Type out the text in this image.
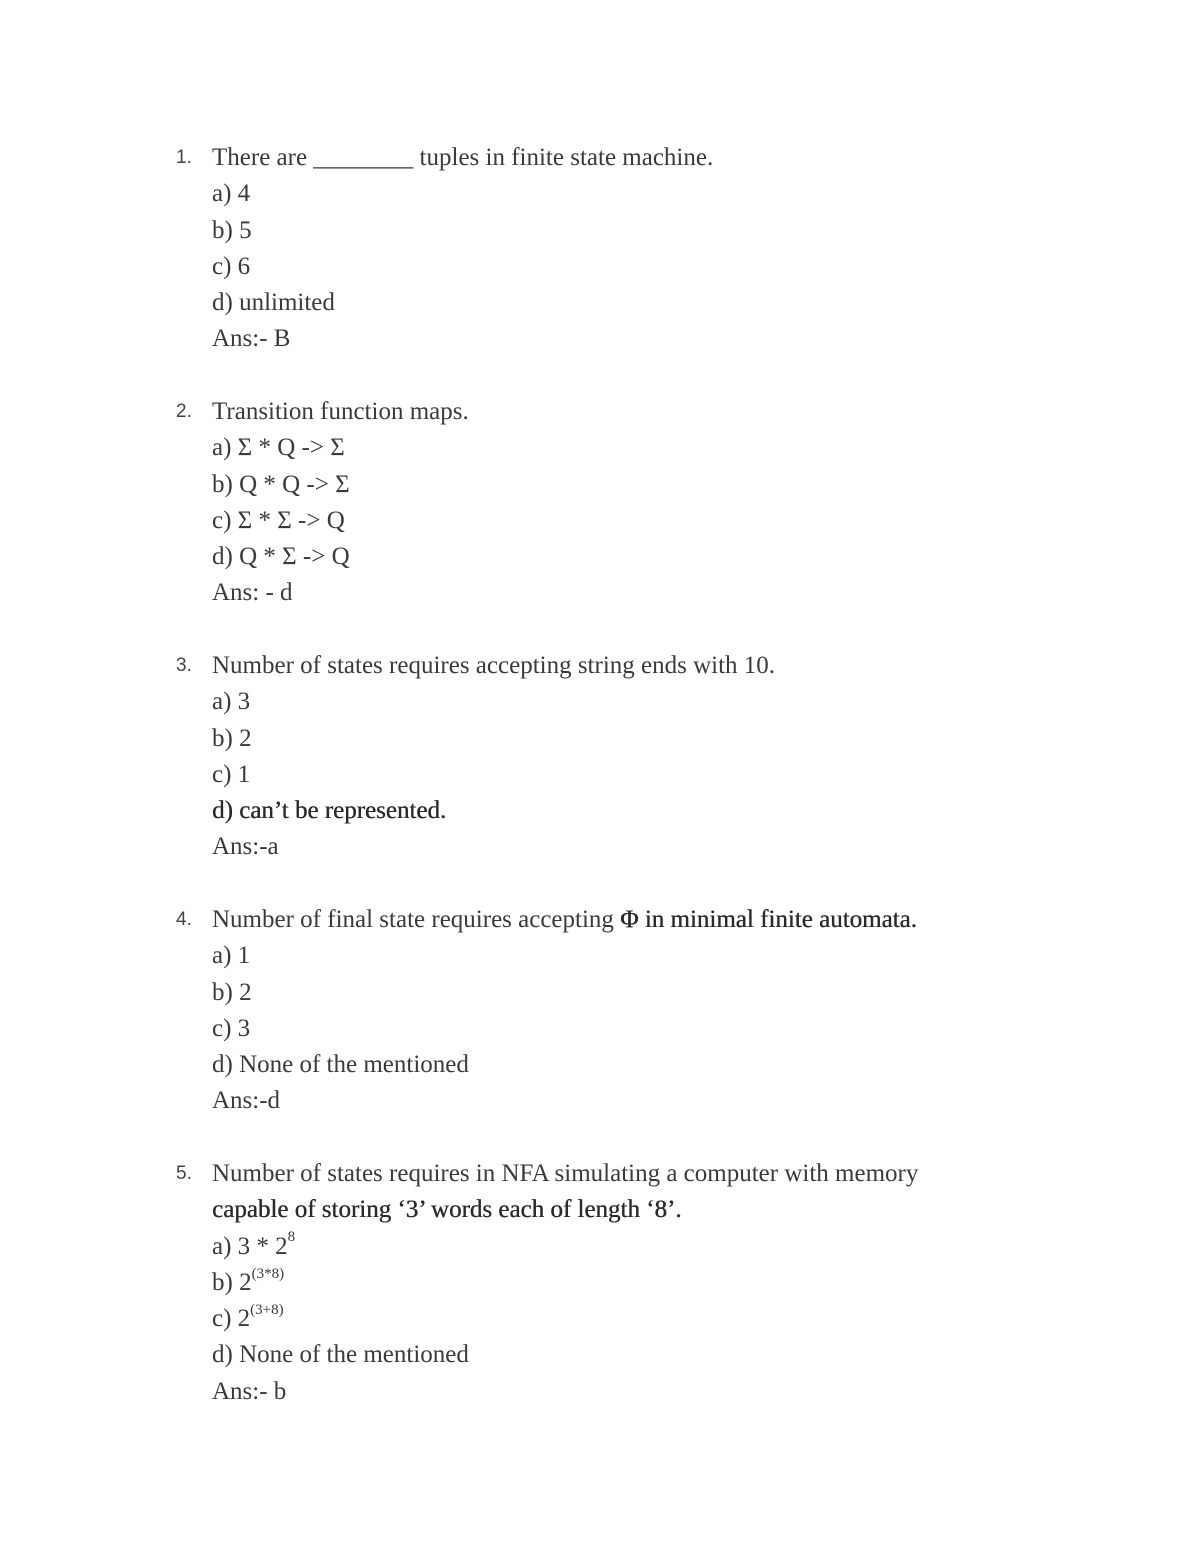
1. There are ________ tuples in finite state machine.
a) 4
b) 5
c) 6
d) unlimited
Ans:- B
2. Transition function maps.
a) Σ * Q -> Σ
b) Q * Q -> Σ
c) Σ * Σ -> Q
d) Q * Σ -> Q
Ans: - d
3. Number of states requires accepting string ends with 10.
a) 3
b) 2
c) 1
d) can’t be represented.
Ans:-a
4. Number of final state requires accepting Φ in minimal finite automata.
a) 1
b) 2
c) 3
d) None of the mentioned
Ans:-d
5. Number of states requires in NFA simulating a computer with memory
capable of storing ‘3’ words each of length ‘8’.
a) $3 * 2^8$
b) $2^{(3*8)}$
c) $2^{(3+8)}$
d) None of the mentioned
Ans:- b
